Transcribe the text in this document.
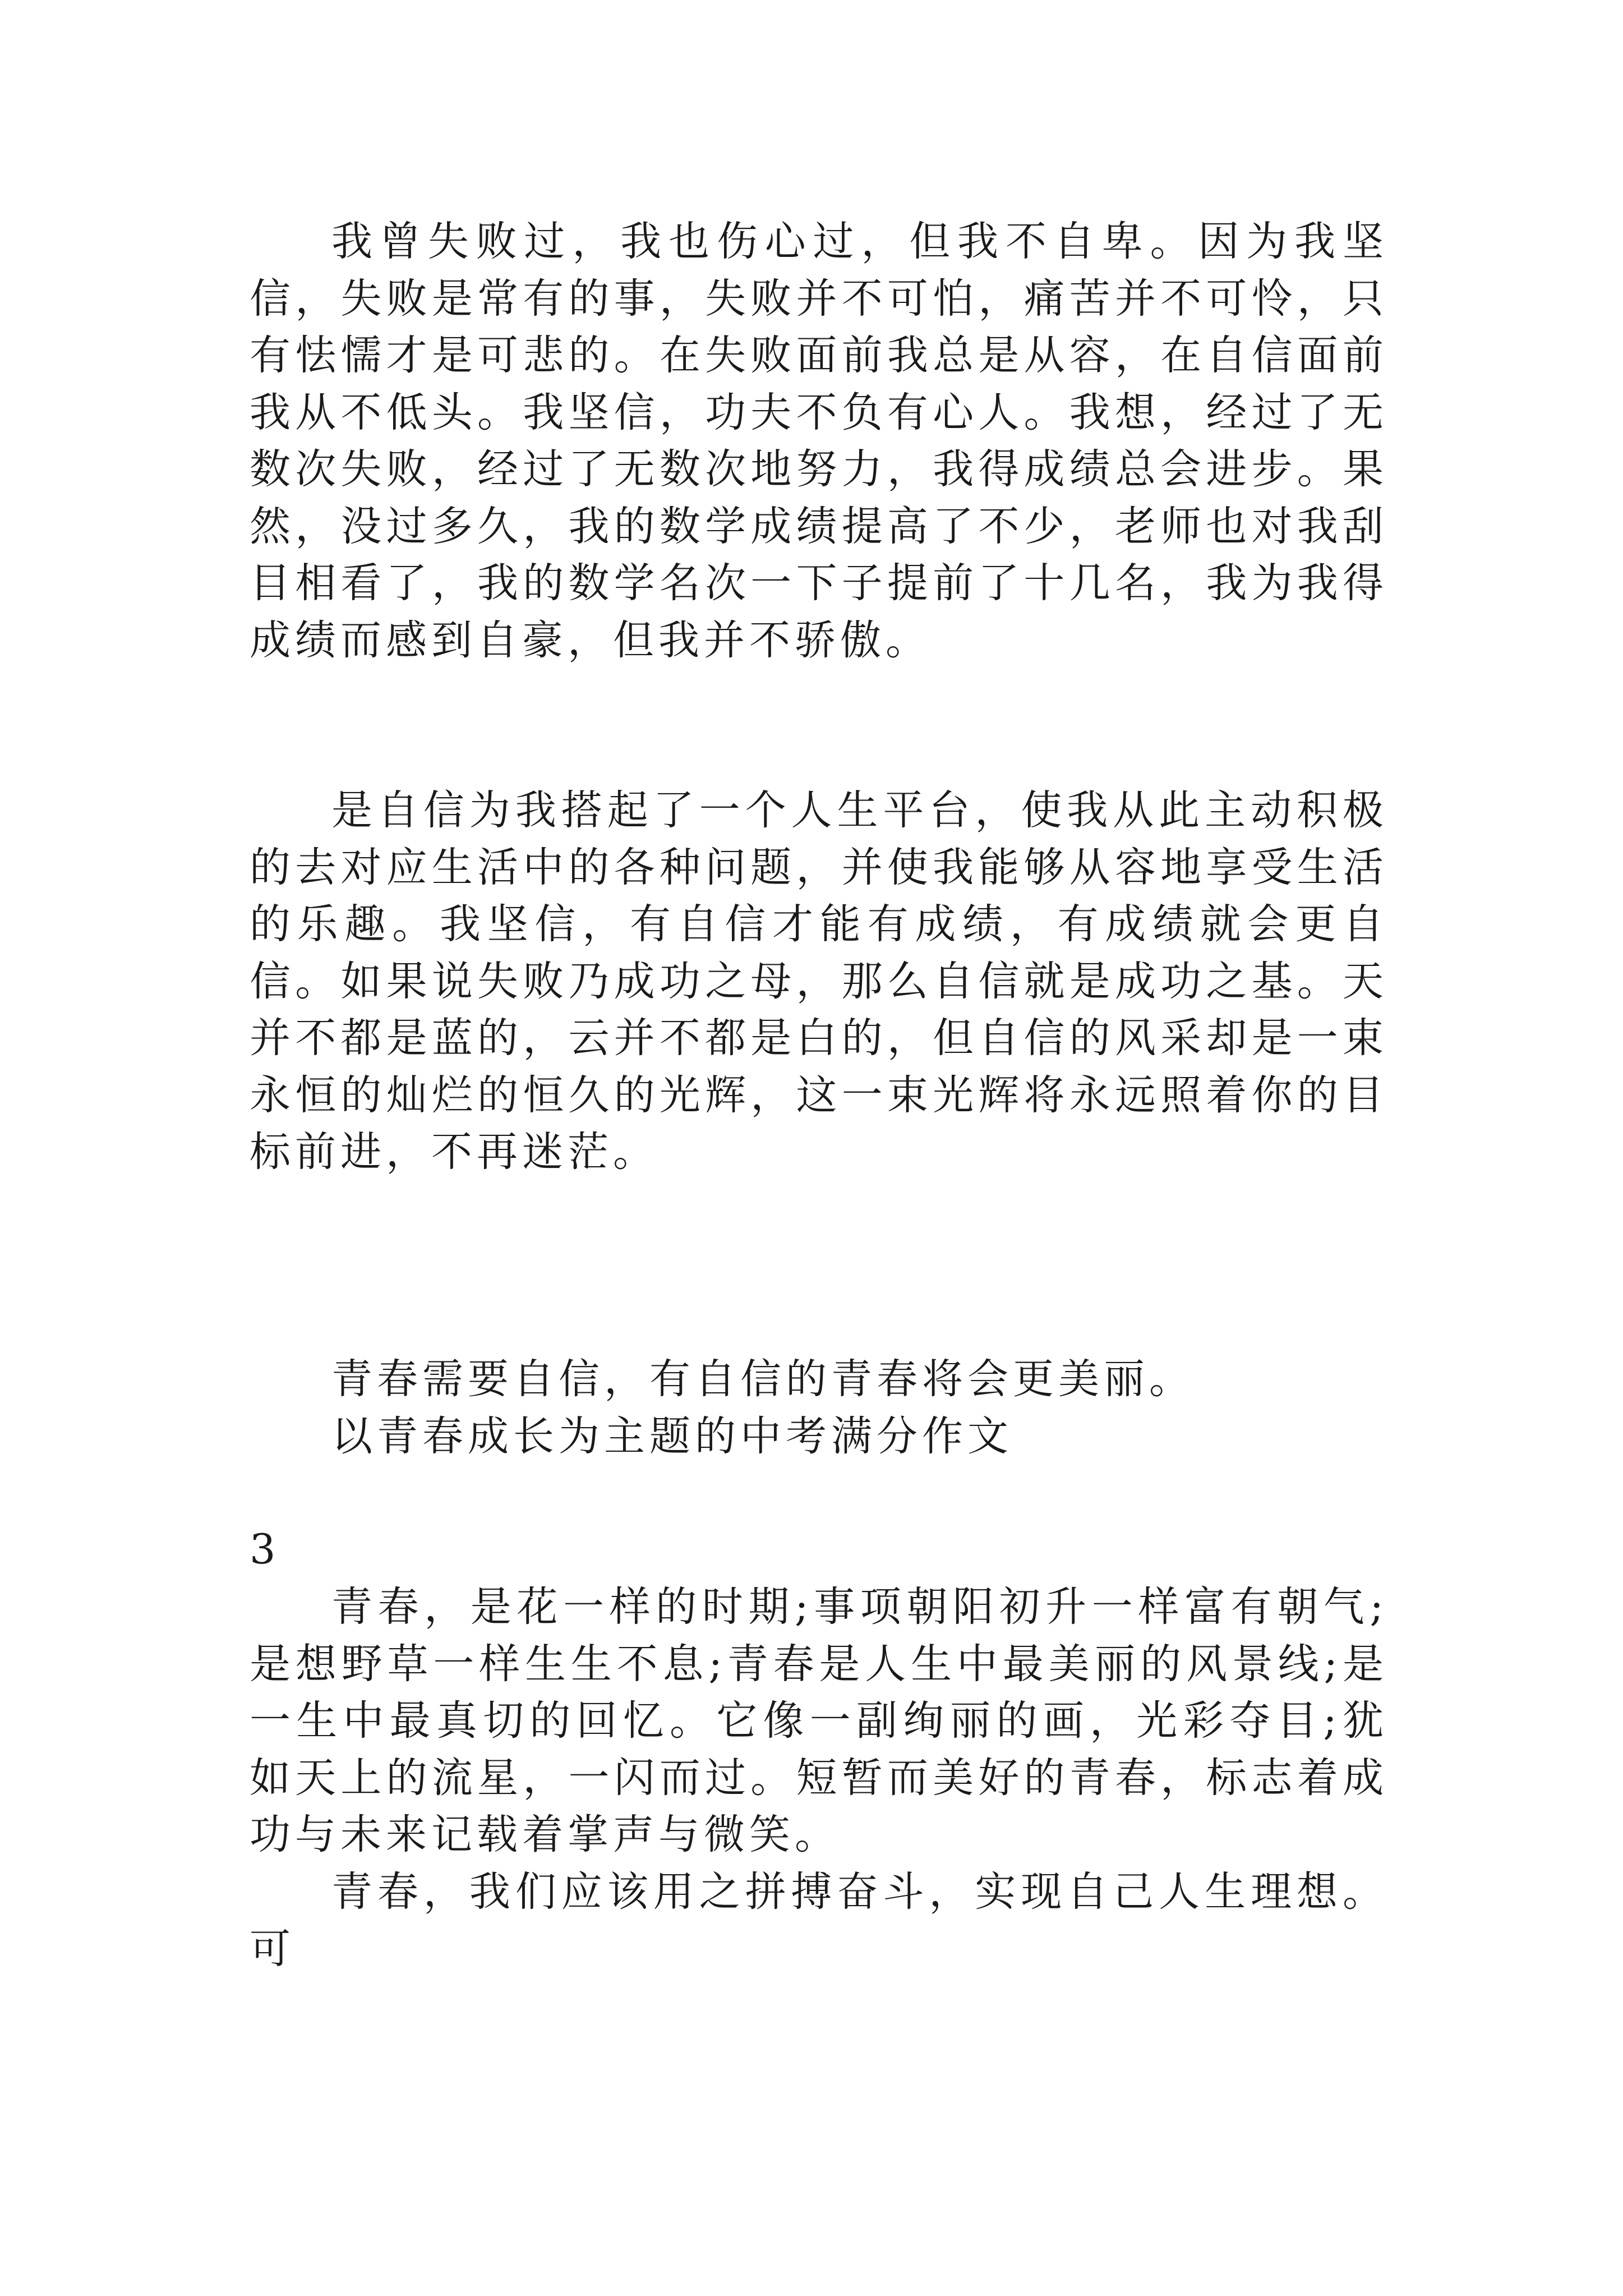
我曾失败过，我也伤心过，但我不自卑。因为我坚信，失败是常有的事，失败并不可怕，痛苦并不可怜，只有怯懦才是可悲的。在失败面前我总是从容，在自信面前我从不低头。我坚信，功夫不负有心人。我想，经过了无数次失败，经过了无数次地努力，我得成绩总会进步。果然，没过多久，我的数学成绩提高了不少，老师也对我刮目相看了，我的数学名次一下子提前了十几名，我为我得成绩而感到自豪，但我并不骄傲。

是自信为我搭起了一个人生平台，使我从此主动积极的去对应生活中的各种问题，并使我能够从容地享受生活的乐趣。我坚信，有自信才能有成绩，有成绩就会更自信。如果说失败乃成功之母，那么自信就是成功之基。天并不都是蓝的，云并不都是白的，但自信的风采却是一束永恒的灿烂的恒久的光辉，这一束光辉将永远照着你的目标前进，不再迷茫。

青春需要自信，有自信的青春将会更美丽。

以青春成长为主题的中考满分作文

3

青春，是花一样的时期;事项朝阳初升一样富有朝气;是想野草一样生生不息;青春是人生中最美丽的风景线;是一生中最真切的回忆。它像一副绚丽的画，光彩夺目;犹如天上的流星，一闪而过。短暂而美好的青春，标志着成功与未来记载着掌声与微笑。

青春，我们应该用之拼搏奋斗，实现自己人生理想。可
